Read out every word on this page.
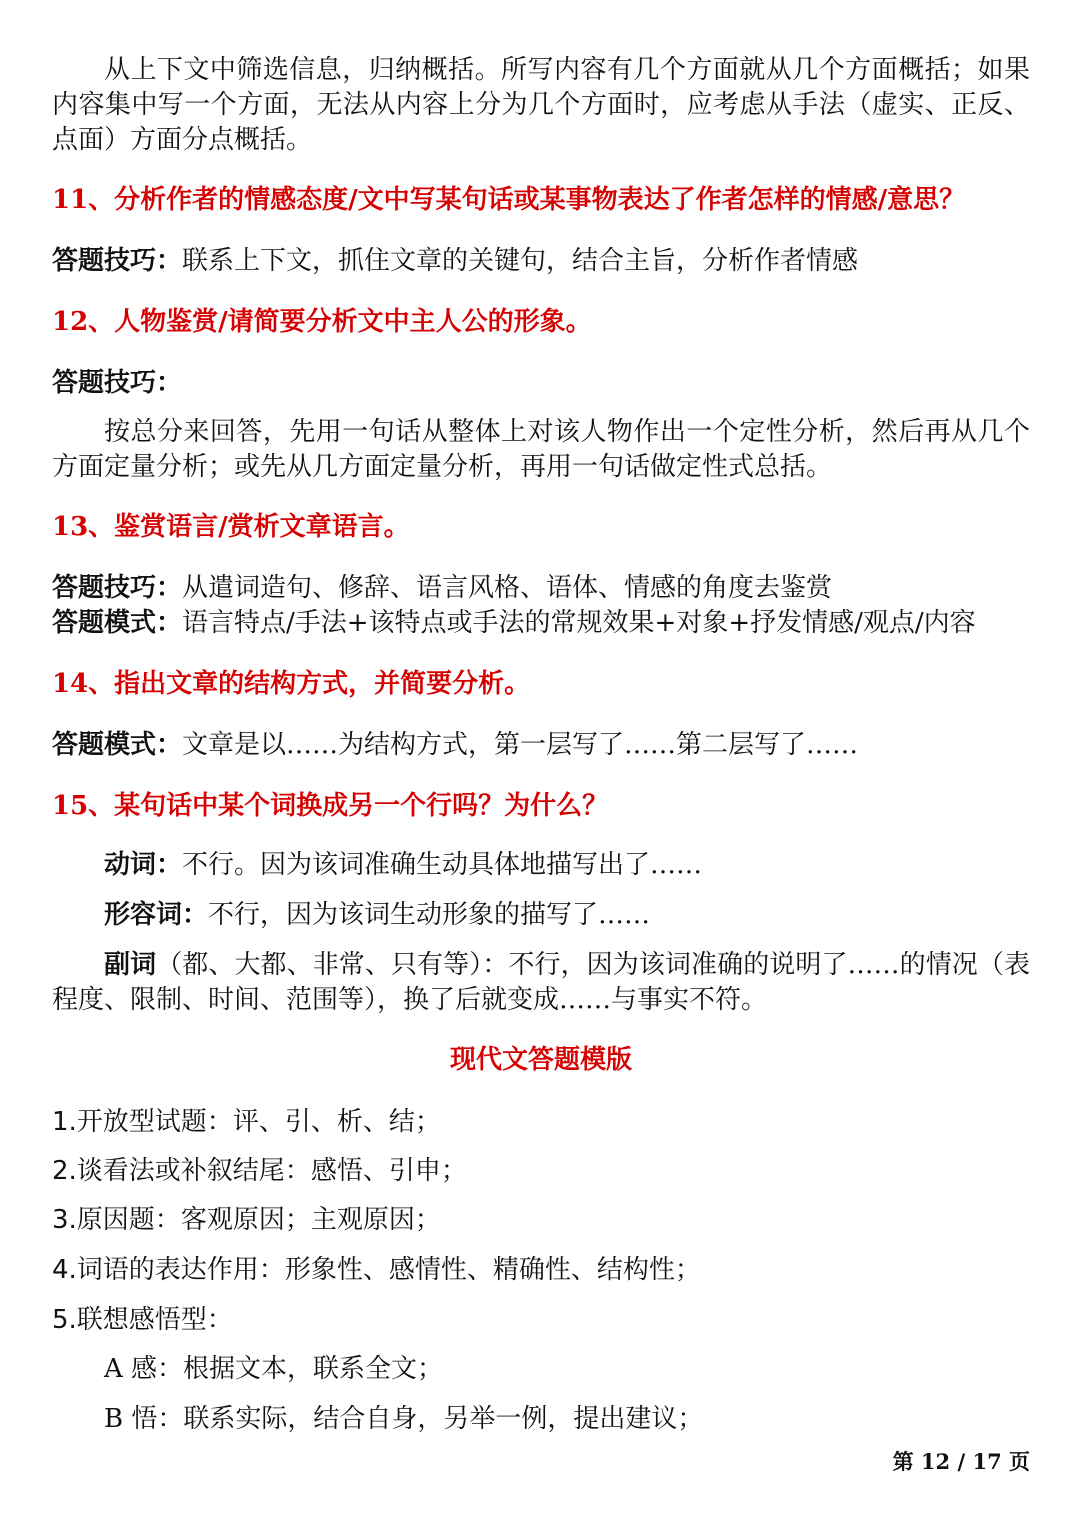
从上下文中筛选信息，归纳概括。所写内容有几个方面就从几个方面概括；如果内容集中写一个方面，无法从内容上分为几个方面时，应考虑从手法（虚实、正反、点面）方面分点概括。
11、分析作者的情感态度/文中写某句话或某事物表达了作者怎样的情感/意思？
答题技巧：联系上下文，抓住文章的关键句，结合主旨，分析作者情感
12、人物鉴赏/请简要分析文中主人公的形象。
答题技巧：
按总分来回答，先用一句话从整体上对该人物作出一个定性分析，然后再从几个方面定量分析；或先从几方面定量分析，再用一句话做定性式总括。
13、鉴赏语言/赏析文章语言。
答题技巧：从遣词造句、修辞、语言风格、语体、情感的角度去鉴赏
答题模式：语言特点/手法+该特点或手法的常规效果+对象+抒发情感/观点/内容
14、指出文章的结构方式，并简要分析。
答题模式：文章是以……为结构方式，第一层写了……第二层写了……
15、某句话中某个词换成另一个行吗？为什么？
动词：不行。因为该词准确生动具体地描写出了……
形容词：不行，因为该词生动形象的描写了……
副词（都、大都、非常、只有等）：不行，因为该词准确的说明了……的情况（表程度、限制、时间、范围等），换了后就变成……与事实不符。
现代文答题模版
1.开放型试题：评、引、析、结；
2.谈看法或补叙结尾：感悟、引申；
3.原因题：客观原因；主观原因；
4.词语的表达作用：形象性、感情性、精确性、结构性；
5.联想感悟型：
A 感：根据文本，联系全文；
B 悟：联系实际，结合自身，另举一例，提出建议；
第 12 / 17 页
